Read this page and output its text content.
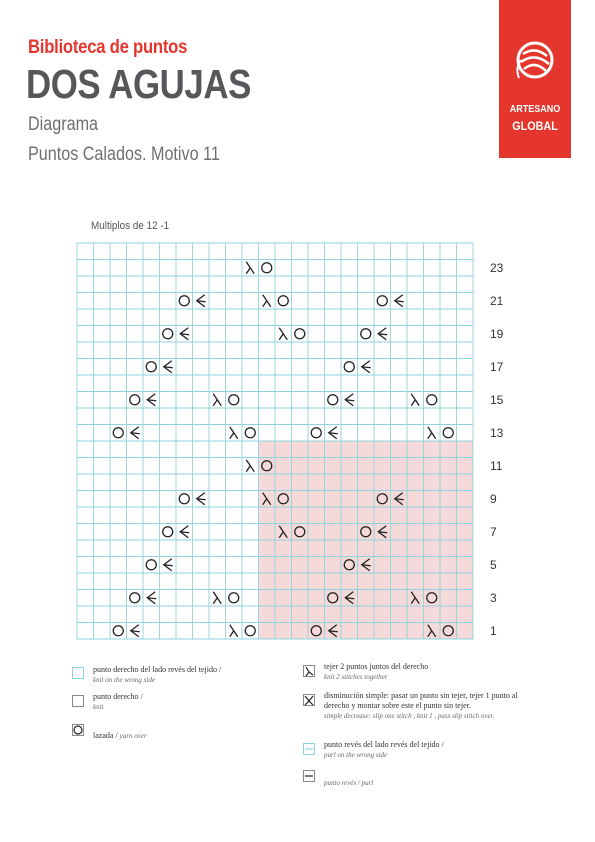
Biblioteca de puntos
DOS AGUJAS
Diagrama
Puntos Calados. Motivo 11
ARTESANO
GLOBAL
Multiplos de 12 -1
23
21
19
17
15
13
11
9
7
5
3
1
punto derecho del lado revés del tejido /
knit on the wrong side
punto derecho /
knit
lazada / yarn over
tejer 2 puntos juntos del derecho
knit 2 stitches together
disminución simple: pasar un punto sin tejer, tejer 1 punto al derecho y montar sobre este el punto sin tejer.
simple decrease: slip one stitch , knit 1 , pass slip stitch over.
punto revés del lado revés del tejido /
purl on the wrong side
punto revés / purl
